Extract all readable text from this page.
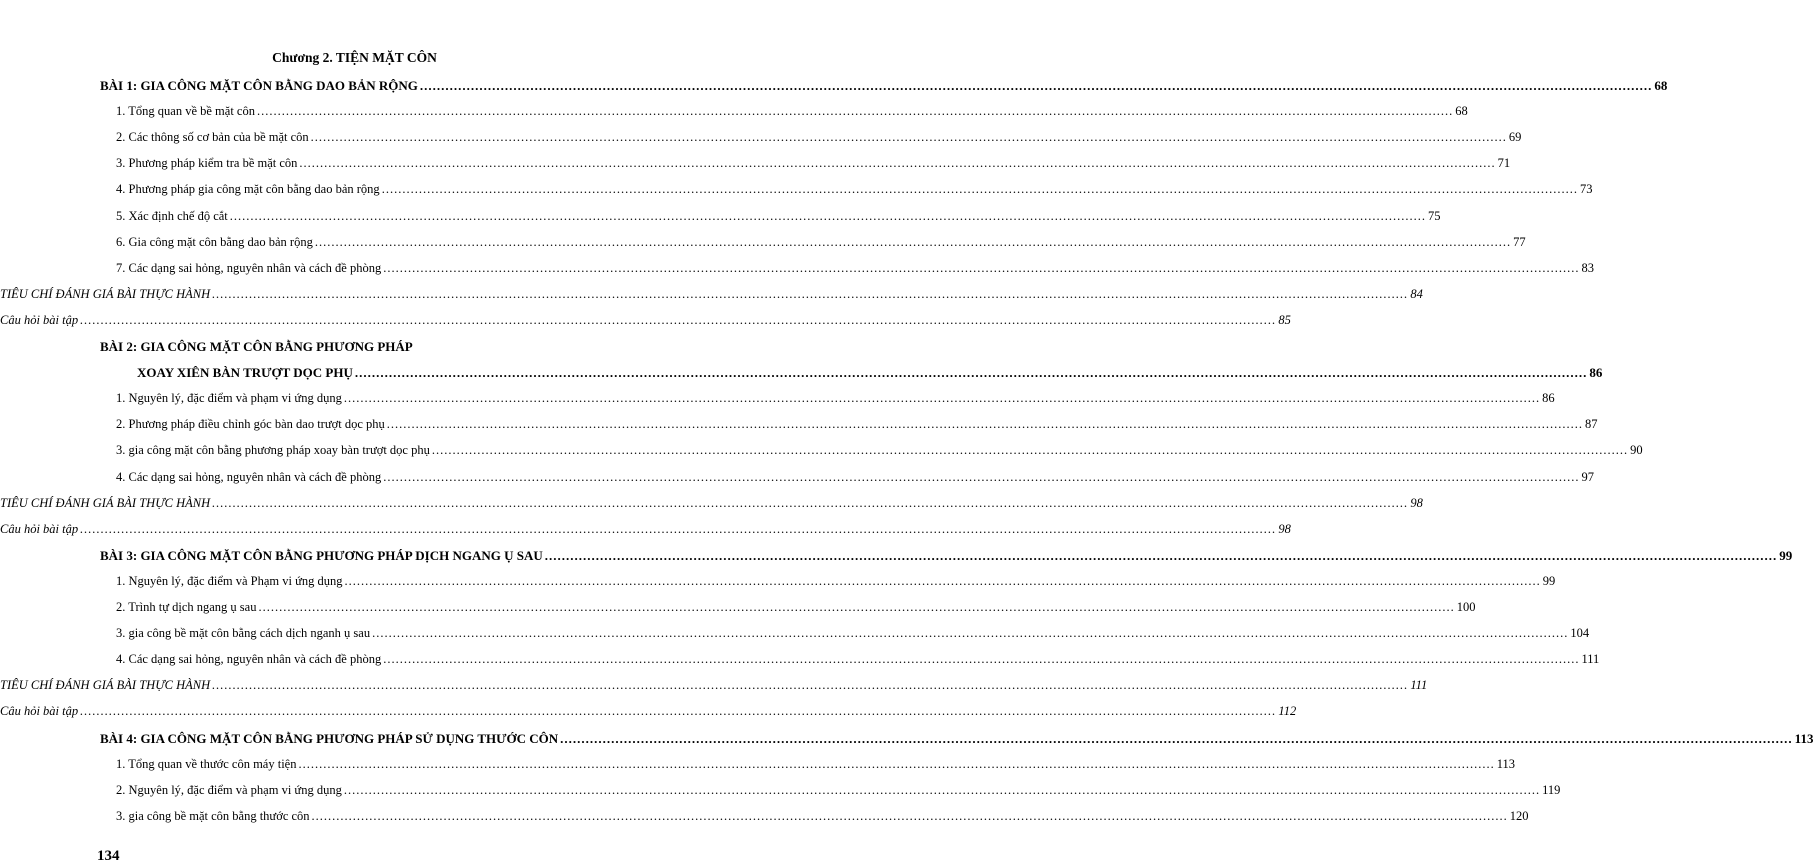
Chương 2. TIỆN MẶT CÔN
BÀI 1: GIA CÔNG MẶT CÔN BẰNG DAO BẢN RỘNG .....	68
1. Tổng quan về bề mặt côn .....	68
2. Các thông số cơ bản của bề mặt côn .....	69
3. Phương pháp kiểm tra bề mặt côn .....	71
4. Phương pháp gia công mặt côn bằng dao bản rộng .....	73
5. Xác định chế độ cắt .....	75
6. Gia công mặt côn bằng dao bản rộng .....	77
7. Các dạng sai hỏng, nguyên nhân và cách đề phòng .....	83
TIÊU CHÍ ĐÁNH GIÁ BÀI THỰC HÀNH .....	84
Câu hỏi bài tập .....	85
BÀI 2: GIA CÔNG MẶT CÔN BẰNG PHƯƠNG PHÁP
XOAY XIÊN BÀN TRƯỢT DỌC PHỤ .....	86
1. Nguyên lý, đặc điểm và phạm vi ứng dụng .....	86
2. Phương pháp điều chỉnh góc bàn dao trượt dọc phụ .....	87
3. gia công mặt côn bằng phương pháp xoay bàn trượt dọc phụ .....	90
4. Các dạng sai hỏng, nguyên nhân và cách đề phòng .....	97
TIÊU CHÍ ĐÁNH GIÁ BÀI THỰC HÀNH .....	98
Câu hỏi bài tập .....	98
BÀI 3: GIA CÔNG MẶT CÔN BẰNG PHƯƠNG PHÁP DỊCH NGANG Ụ SAU .....	99
1. Nguyên lý, đặc điểm và Phạm vi ứng dụng .....	99
2. Trình tự dịch ngang ụ sau .....	100
3. gia công bề mặt côn bằng cách dịch nganh ụ sau .....	104
4. Các dạng sai hỏng, nguyên nhân và cách đề phòng .....	111
TIÊU CHÍ ĐÁNH GIÁ BÀI THỰC HÀNH .....	111
Câu hỏi bài tập .....	112
BÀI 4: GIA CÔNG MẶT CÔN BẰNG PHƯƠNG PHÁP SỬ DỤNG THƯỚC CÔN .....	113
1. Tổng quan về thước côn máy tiện .....	113
2. Nguyên lý, đặc điểm và phạm vi ứng dụng .....	119
3. gia công bề mặt côn bằng thước côn .....	120
134
